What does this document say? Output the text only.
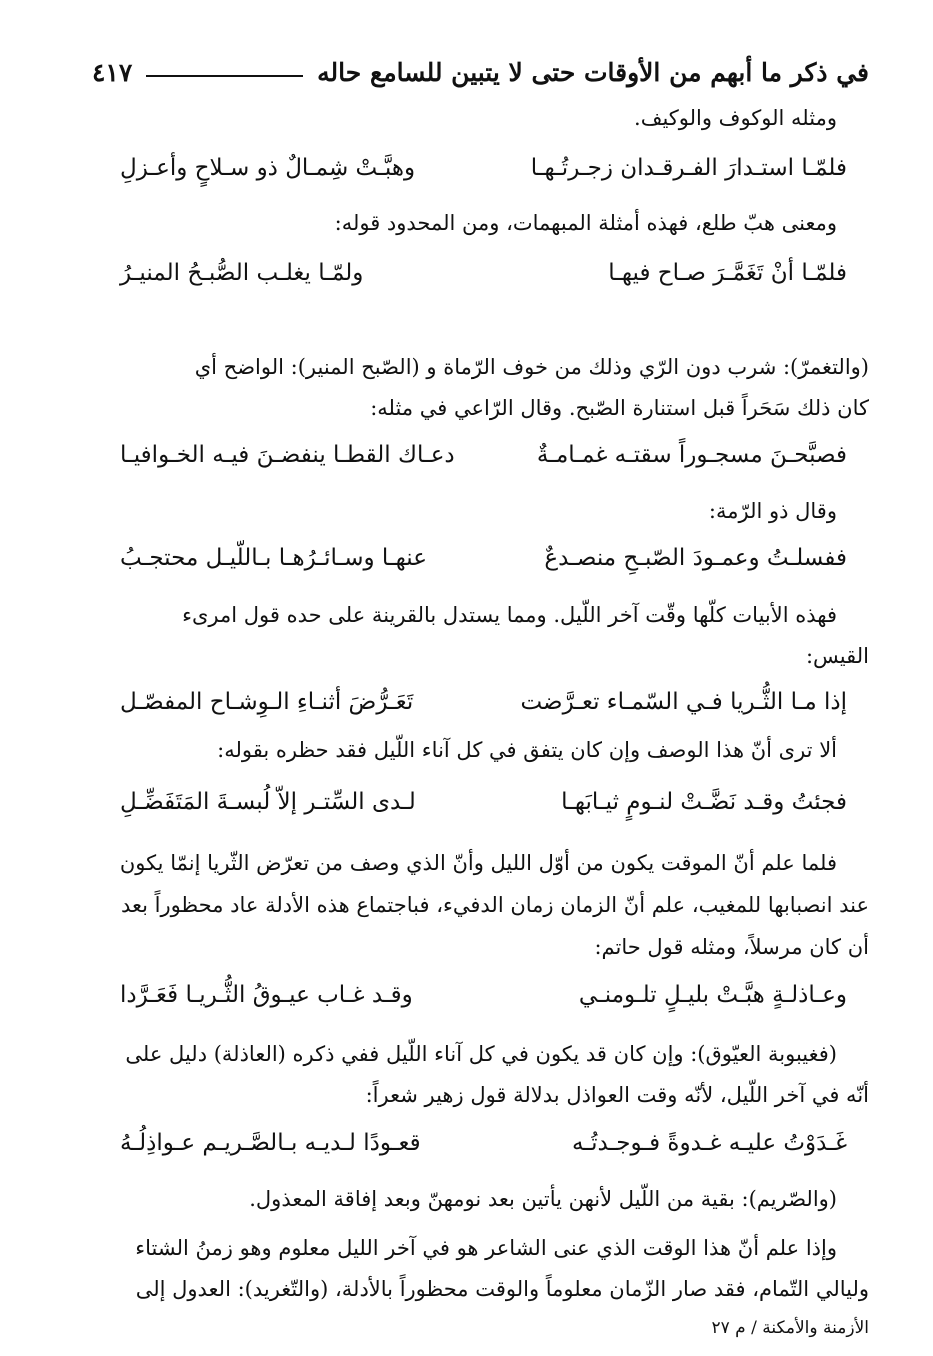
في ذكر ما أبهم من الأوقات حتى لا يتبين للسامع حاله
٤١٧
ومثله الوكوف والوكيف.
فلمّـا استـدارَ الفـرقـدان زجـرتُـهـا
وهبَّـتْ شِمـالٌ ذو سـلاحٍ وأعـزلِ
ومعنى هبّ طلع، فهذه أمثلة المبهمات، ومن المحدود قوله:
فلمّـا أنْ تَغَمَّـرَ صـاح فيهـا
ولمّـا يغلـب الصُّبـحُ المنيـرُ
(والتغمرّ): شرب دون الرّي وذلك من خوف الرّماة و (الصّبح المنير): الواضح أي
كان ذلك سَحَراً قبل استنارة الصّبح. وقال الرّاعي في مثله:
فصبَّحـنَ مسجـوراً سقتـه غمـامـةٌ
دعـاك القطـا ينفضـنَ فيـه الخـوافيـا
وقال ذو الرّمة:
ففسلـتُ وعمـودَ الصّبـحِ منصـدعٌ
عنهـا وسـائـرُهـا بـاللّيـل محتجـبُ
فهذه الأبيات كلّها وقّت آخر اللّيل. ومما يستدل بالقرينة على حده قول امرىء
القيس:
إذا مـا الثُّـريا فـي السّمـاء تعـرَّضت
تَعَـرُّضَ أثنـاءِ الـوِشـاح المفصّـل
ألا ترى أنّ هذا الوصف وإن كان يتفق في كل آناء اللّيل فقد حظره بقوله:
فجئتُ وقـد نَضَّـتْ لنـومٍ ثيـابَهـا
لـدى السِّتـر إلاّ لُبسـةَ المَتَفَضِّـلِ
فلما علم أنّ الموقت يكون من أوّل الليل وأنّ الذي وصف من تعرّض الثّريا إنمّا يكون
عند انصبابها للمغيب، علم أنّ الزمان زمان الدفيء، فباجتماع هذه الأدلة عاد محظوراً بعد
أن كان مرسلاً، ومثله قول حاتم:
وعـاذلـةٍ هبَّـتْ بليـلٍ تلـومنـي
وقـد غـاب عيـوقُ الثُّـريـا فَعَـرَّدا
(فغيبوبة العيّوق): وإن كان قد يكون في كل آناء اللّيل ففي ذكره (العاذلة) دليل على
أنّه في آخر اللّيل، لأنّه وقت العواذل بدلالة قول زهير شعراً:
غَـدَوْتُ عليـه غـدوةً فـوجـدتُـه
قعـودًا لـديـه بـالصَّـريـم عـواذِلُـهُ
(والصّريم): بقية من اللّيل لأنهن يأتين بعد نومهنّ وبعد إفاقة المعذول.
وإذا علم أنّ هذا الوقت الذي عنى الشاعر هو في آخر الليل معلوم وهو زمنُ الشتاء
وليالي التّمام، فقد صار الزّمان معلوماً والوقت محظوراً بالأدلة، (والتّغريد): العدول إلى
الأزمنة والأمكنة / م ٢٧
